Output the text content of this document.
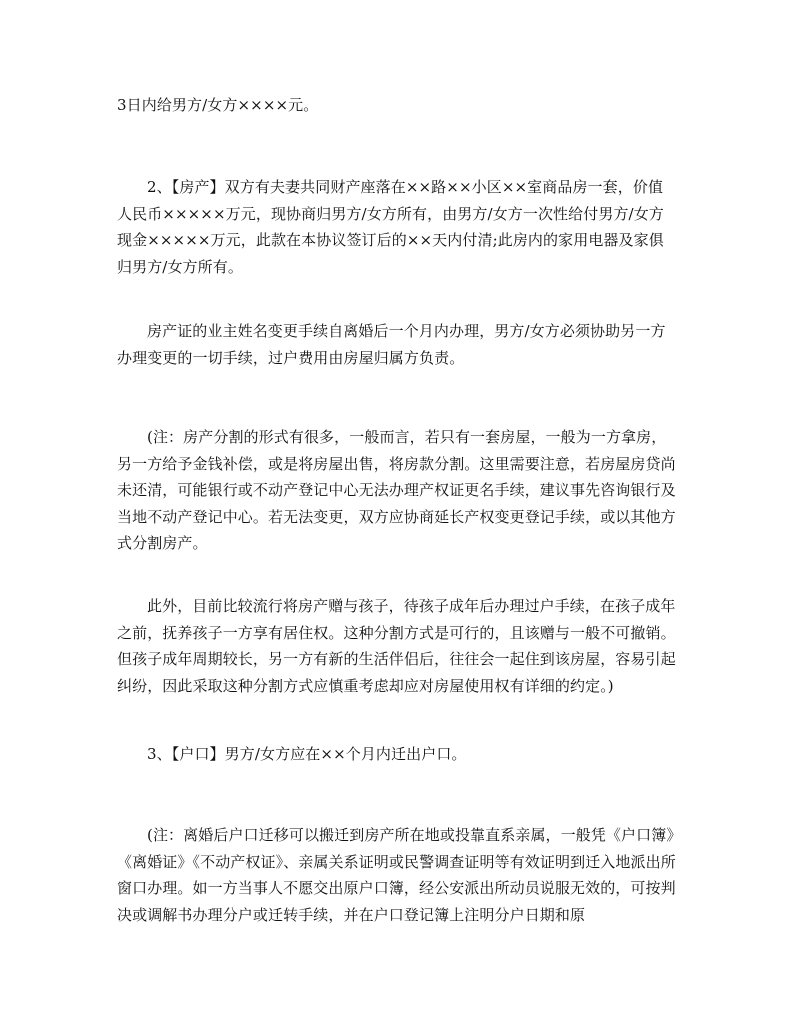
3日内给男方/女方××××元。

2、【房产】双方有夫妻共同财产座落在××路××小区××室商品房一套，价值人民币×××××万元，现协商归男方/女方所有，由男方/女方一次性给付男方/女方现金×××××万元，此款在本协议签订后的××天内付清;此房内的家用电器及家俱归男方/女方所有。

房产证的业主姓名变更手续自离婚后一个月内办理，男方/女方必须协助另一方办理变更的一切手续，过户费用由房屋归属方负责。

(注：房产分割的形式有很多，一般而言，若只有一套房屋，一般为一方拿房，另一方给予金钱补偿，或是将房屋出售，将房款分割。这里需要注意，若房屋房贷尚未还清，可能银行或不动产登记中心无法办理产权证更名手续，建议事先咨询银行及当地不动产登记中心。若无法变更，双方应协商延长产权变更登记手续，或以其他方式分割房产。

此外，目前比较流行将房产赠与孩子，待孩子成年后办理过户手续，在孩子成年之前，抚养孩子一方享有居住权。这种分割方式是可行的，且该赠与一般不可撤销。但孩子成年周期较长，另一方有新的生活伴侣后，往往会一起住到该房屋，容易引起纠纷，因此采取这种分割方式应慎重考虑却应对房屋使用权有详细的约定。)

3、【户口】男方/女方应在××个月内迁出户口。

(注：离婚后户口迁移可以搬迁到房产所在地或投靠直系亲属，一般凭《户口簿》《离婚证》《不动产权证》、亲属关系证明或民警调查证明等有效证明到迁入地派出所窗口办理。如一方当事人不愿交出原户口簿，经公安派出所动员说服无效的，可按判决或调解书办理分户或迁转手续，并在户口登记簿上注明分户日期和原
